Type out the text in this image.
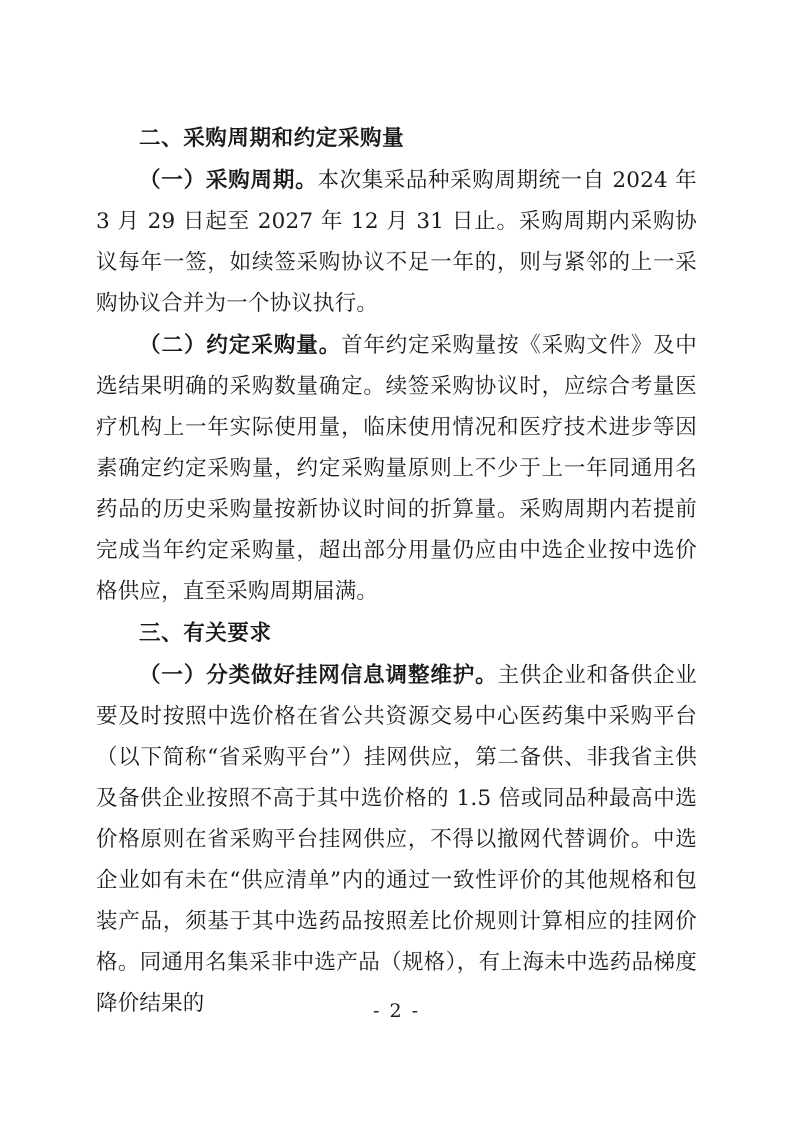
二、采购周期和约定采购量

（一）采购周期。本次集采品种采购周期统一自 2024 年 3 月 29 日起至 2027 年 12 月 31 日止。采购周期内采购协议每年一签，如续签采购协议不足一年的，则与紧邻的上一采购协议合并为一个协议执行。

（二）约定采购量。首年约定采购量按《采购文件》及中选结果明确的采购数量确定。续签采购协议时，应综合考量医疗机构上一年实际使用量，临床使用情况和医疗技术进步等因素确定约定采购量，约定采购量原则上不少于上一年同通用名药品的历史采购量按新协议时间的折算量。采购周期内若提前完成当年约定采购量，超出部分用量仍应由中选企业按中选价格供应，直至采购周期届满。

三、有关要求

（一）分类做好挂网信息调整维护。主供企业和备供企业要及时按照中选价格在省公共资源交易中心医药集中采购平台（以下简称“省采购平台”）挂网供应，第二备供、非我省主供及备供企业按照不高于其中选价格的 1.5 倍或同品种最高中选价格原则在省采购平台挂网供应，不得以撤网代替调价。中选企业如有未在“供应清单”内的通过一致性评价的其他规格和包装产品，须基于其中选药品按照差比价规则计算相应的挂网价格。同通用名集采非中选产品（规格），有上海未中选药品梯度降价结果的	- 2 -
